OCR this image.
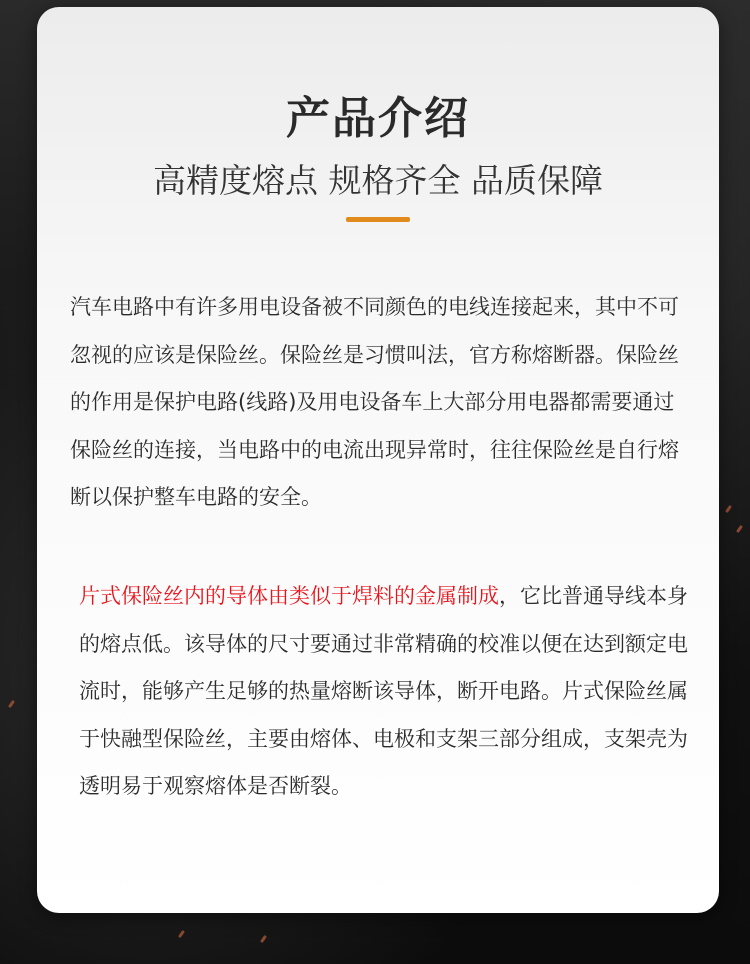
产品介绍
高精度熔点 规格齐全 品质保障
汽车电路中有许多用电设备被不同颜色的电线连接起来，其中不可忽视的应该是保险丝。保险丝是习惯叫法，官方称熔断器。保险丝的作用是保护电路(线路)及用电设备车上大部分用电器都需要通过保险丝的连接，当电路中的电流出现异常时，往往保险丝是自行熔断以保护整车电路的安全。
片式保险丝内的导体由类似于焊料的金属制成，它比普通导线本身的熔点低。该导体的尺寸要通过非常精确的校准以便在达到额定电流时，能够产生足够的热量熔断该导体，断开电路。片式保险丝属于快融型保险丝，主要由熔体、电极和支架三部分组成，支架壳为透明易于观察熔体是否断裂。
